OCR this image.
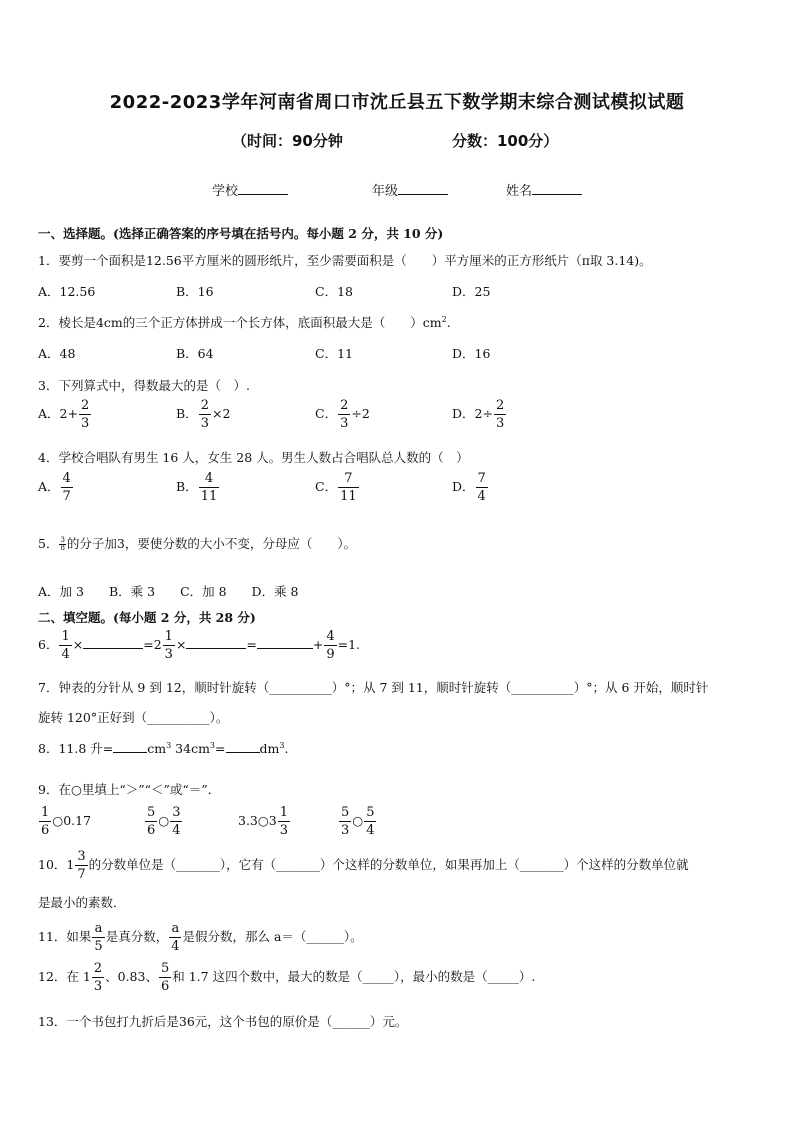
2022-2023学年河南省周口市沈丘县五下数学期末综合测试模拟试题
（时间：90分钟	分数：100分）
学校	年级	姓名
一、选择题。(选择正确答案的序号填在括号内。每小题 2 分，共 10 分)
1．要剪一个面积是12.56平方厘米的圆形纸片，至少需要面积是（　　）平方厘米的正方形纸片（π取 3.14)。
A．12.56	B．16	C．18	D．25
2．棱长是4cm的三个正方体拼成一个长方体，底面积最大是（　　）$cm^2$.
A．48	B．64	C．11	D．16
3．下列算式中，得数最大的是（　）.
A．$2+ \frac{2}{3}$	B． $\frac{2}{3} \times 2$	C． $\frac{2}{3} \div 2$	D．$2\div \frac{2}{3}$
4．学校合唱队有男生 16 人，女生 28 人。男生人数占合唱队总人数的（　）
A． $\frac{4}{7}$	B． $\frac{4}{11}$	C． $\frac{7}{11}$	D． $\frac{7}{4}$
5． $\frac{3}{8}$ 的分子加3，要使分数的大小不变，分母应（　　）。
A．加 3　　B．乘 3　　C．加 8　　D．乘 8
二、填空题。(每小题 2 分，共 28 分)
6． $\frac{1}{4}$ ×	$=2 \frac{1}{3}$ ×	=	+ $\frac{4}{9} =1$.
7．钟表的分针从 9 到 12，顺时针旋转（__________）°；从 7 到 11，顺时针旋转（__________）°；从 6 开始，顺时针
旋转 120°正好到（__________）。
8．11.8 升=	$cm^3$ $34cm^3=$	$dm^3$.
9．在○里填上“＞”“＜”或“＝”．
$\frac{1}{6}$ ○0.17	$\frac{5}{6}$ ○ $\frac{3}{4}$	3.3○3 $\frac{1}{3}$	$\frac{5}{3}$ ○ $\frac{5}{4}$
10．$1 \frac{3}{7}$ 的分数单位是（_______），它有（_______）个这样的分数单位，如果再加上（_______）个这样的分数单位就
是最小的素数．
11．如果 $\frac{a}{5}$ 是真分数， $\frac{a}{4}$ 是假分数，那么 a＝（______）。
12．在 $1 \frac{2}{3}$ 、0.83、 $\frac{5}{6}$ 和 1.7 这四个数中，最大的数是（_____），最小的数是（_____）.
13．一个书包打九折后是36元，这个书包的原价是（______）元。
